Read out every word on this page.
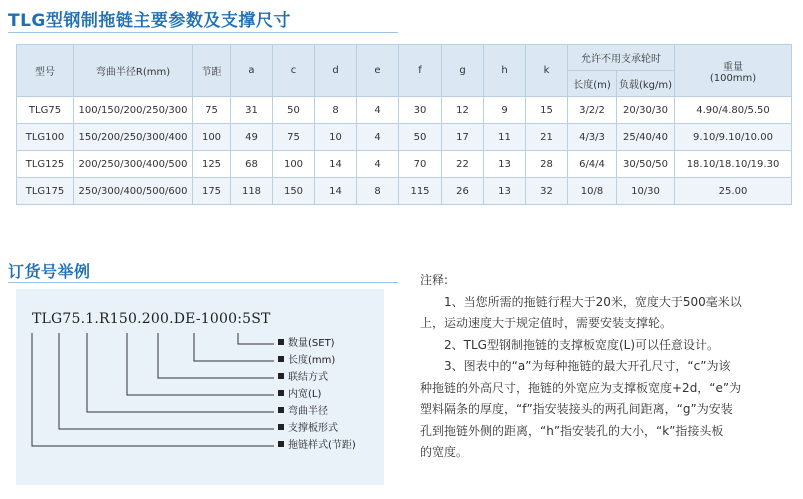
TLG型钢制拖链主要参数及支撑尺寸
型号	弯曲半径R(mm)	节距	a	c	d	e	f	g	h	k	允许不用支承轮时		重量
(100mm)

											长度(m)	负载(kg/m)	
TLG75	100/150/200/250/300	75	31	50	8	4	30	12	9	15	3/2/2	20/30/30	4.90/4.80/5.50
TLG100	150/200/250/300/400	100	49	75	10	4	50	17	11	21	4/3/3	25/40/40	9.10/9.10/10.00
TLG125	200/250/300/400/500	125	68	100	14	4	70	22	13	28	6/4/4	30/50/50	18.10/18.10/19.30
TLG175	250/300/400/500/600	175	118	150	14	8	115	26	13	32	10/8	10/30	25.00
订货号举例
TLG75.1.R150.200.DE-1000:5ST
数量(SET)
长度(mm)
联结方式
内宽(L)
弯曲半径
支撑板形式
拖链样式(节距)

注释:

1、当您所需的拖链行程大于20米，宽度大于500毫米以

上，运动速度大于规定值时，需要安装支撑轮。

2、TLG型钢制拖链的支撑板宽度(L)可以任意设计。

3、图表中的“a”为每种拖链的最大开孔尺寸，“c”为该

种拖链的外高尺寸，拖链的外宽应为支撑板宽度+2d，“e”为

塑料隔条的厚度，“f”指安装接头的两孔间距离，“g”为安装

孔到拖链外侧的距离，“h”指安装孔的大小，“k”指接头板

的宽度。
